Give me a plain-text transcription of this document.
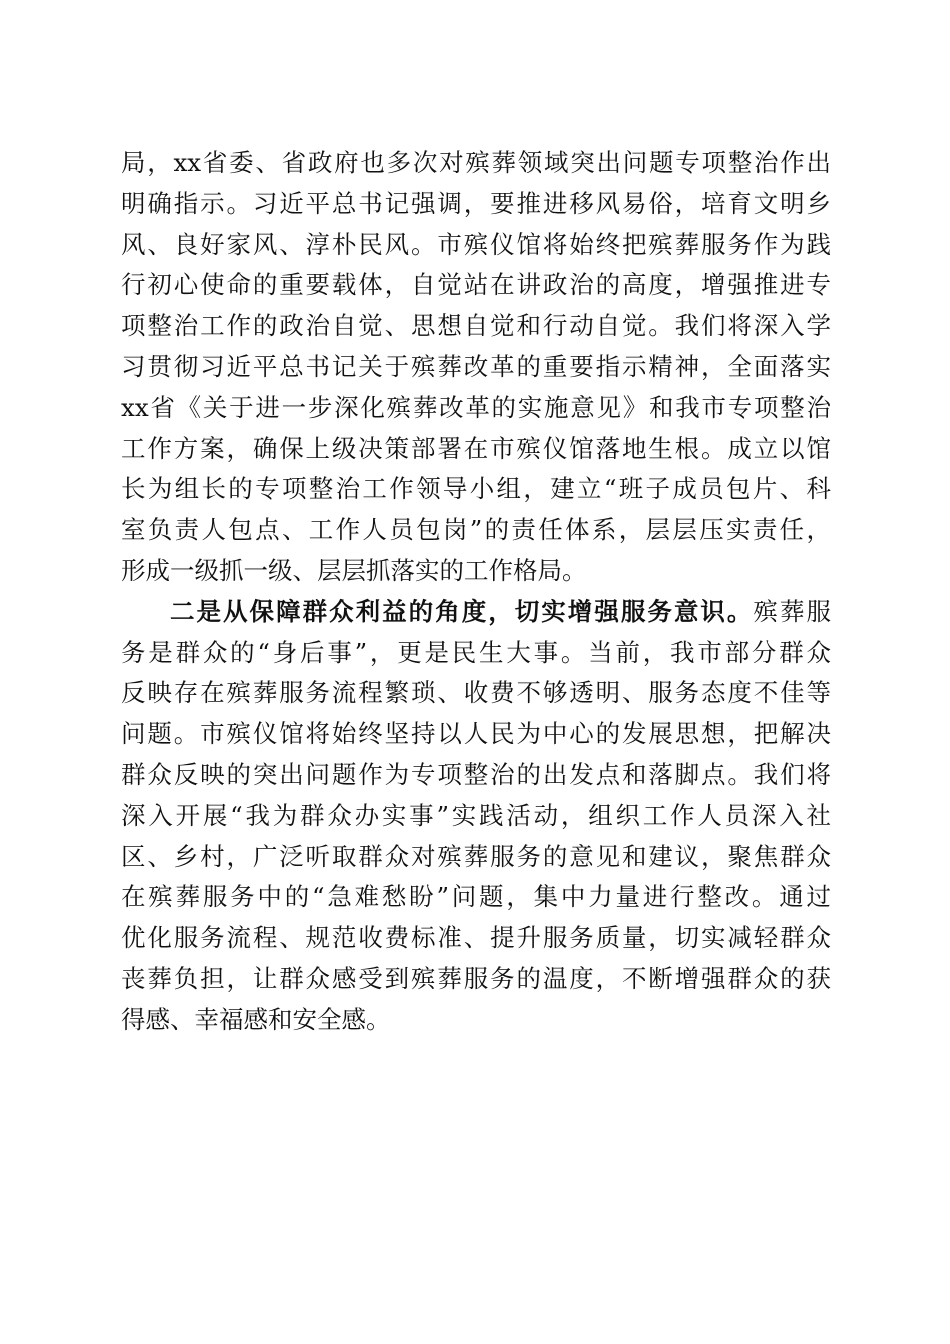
局，xx省委、省政府也多次对殡葬领域突出问题专项整治作出
明确指示。习近平总书记强调，要推进移风易俗，培育文明乡
风、良好家风、淳朴民风。市殡仪馆将始终把殡葬服务作为践
行初心使命的重要载体，自觉站在讲政治的高度，增强推进专
项整治工作的政治自觉、思想自觉和行动自觉。我们将深入学
习贯彻习近平总书记关于殡葬改革的重要指示精神，全面落实
xx省《关于进一步深化殡葬改革的实施意见》和我市专项整治
工作方案，确保上级决策部署在市殡仪馆落地生根。成立以馆
长为组长的专项整治工作领导小组，建立“班子成员包片、科
室负责人包点、工作人员包岗”的责任体系，层层压实责任，
形成一级抓一级、层层抓落实的工作格局。

二是从保障群众利益的角度，切实增强服务意识。殡葬服
务是群众的“身后事”，更是民生大事。当前，我市部分群众
反映存在殡葬服务流程繁琐、收费不够透明、服务态度不佳等
问题。市殡仪馆将始终坚持以人民为中心的发展思想，把解决
群众反映的突出问题作为专项整治的出发点和落脚点。我们将
深入开展“我为群众办实事”实践活动，组织工作人员深入社
区、乡村，广泛听取群众对殡葬服务的意见和建议，聚焦群众
在殡葬服务中的“急难愁盼”问题，集中力量进行整改。通过
优化服务流程、规范收费标准、提升服务质量，切实减轻群众
丧葬负担，让群众感受到殡葬服务的温度，不断增强群众的获
得感、幸福感和安全感。
